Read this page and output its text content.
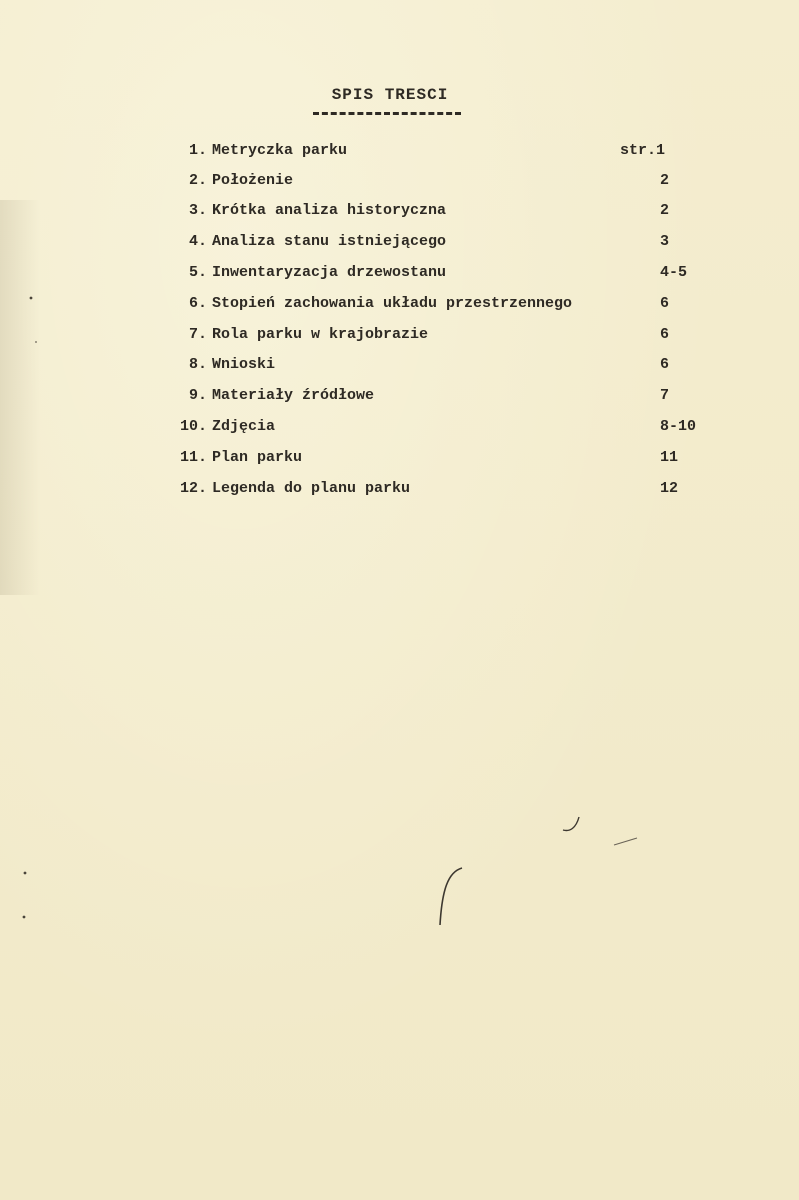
SPIS TRESCI
1. Metryczka parku	str.1
2. Położenie	2
3. Krótka analiza historyczna	2
4. Analiza stanu istniejącego	3
5. Inwentaryzacja drzewostanu	4-5
6. Stopień zachowania układu przestrzennego	6
7. Rola parku w krajobrazie	6
8. Wnioski	6
9. Materiały źródłowe	7
10. Zdjęcia	8-10
11. Plan parku	11
12. Legenda do planu parku	12
